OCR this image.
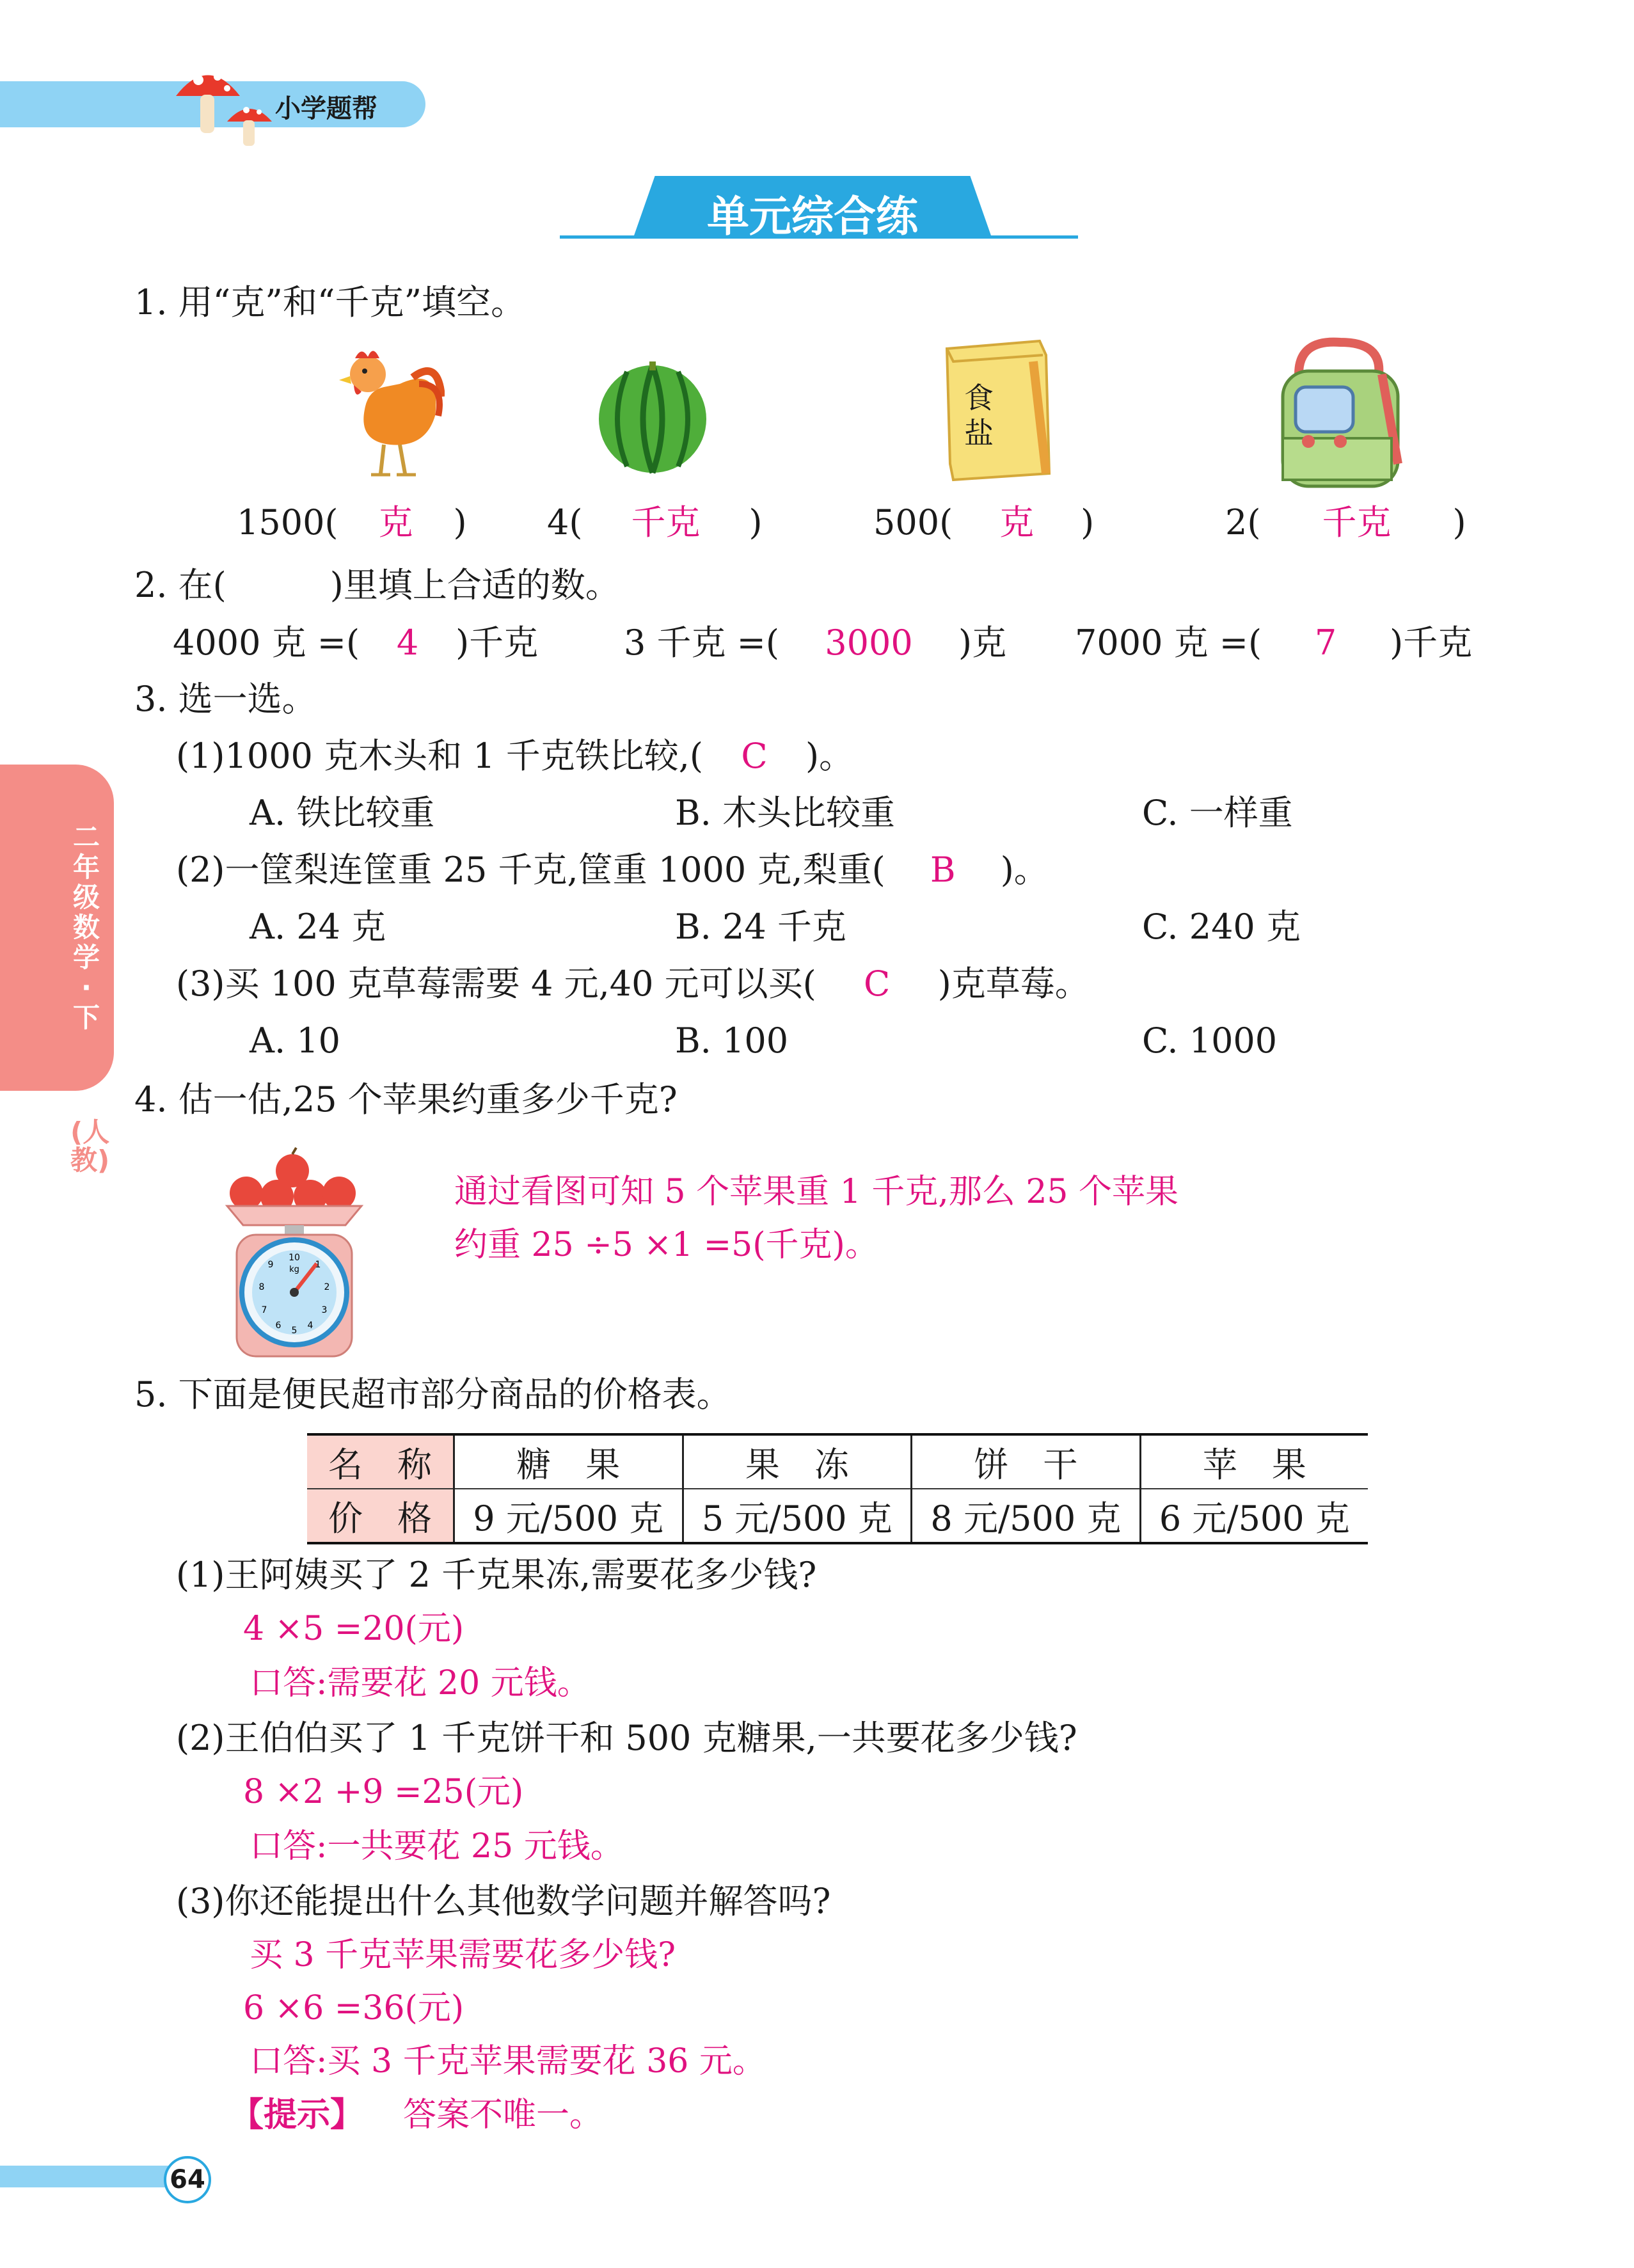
小学题帮
单元综合练
二年级数学·下
(人教)
1. 用“克”和“千克”填空。
食盐
1500( 克 ) 4( 千克 )	500( 克 )	2( 千克 )
2. 在(　　　)里填上合适的数。
4000 克 =( 4 )千克 3 千克 =( 3000 )克 7000 克 =( 7 )千克
3. 选一选。
(1)1000 克木头和 1 千克铁比较,( C )。
A. 铁比较重	B. 木头比较重	C. 一样重
(2)一筐梨连筐重 25 千克,筐重 1000 克,梨重( B )。
A. 24 克	B. 24 千克	C. 240 克
(3)买 100 克草莓需要 4 元,40 元可以买( C )克草莓。
A. 10	B. 100	C. 1000
4. 估一估,25 个苹果约重多少千克?
10
1
2
3
4
5
6
7
8
9 kg
通过看图可知 5 个苹果重 1 千克,那么 25 个苹果
约重 25 ÷5 ×1 =5(千克)。
5. 下面是便民超市部分商品的价格表。
名　称	糖　果	果　冻	饼　干	苹　果
价　格	9 元/500 克	5 元/500 克	8 元/500 克	6 元/500 克
(1)王阿姨买了 2 千克果冻,需要花多少钱?
4 ×5 =20(元)
口答:需要花 20 元钱。
(2)王伯伯买了 1 千克饼干和 500 克糖果,一共要花多少钱?
8 ×2 +9 =25(元)
口答:一共要花 25 元钱。
(3)你还能提出什么其他数学问题并解答吗?
买 3 千克苹果需要花多少钱?
6 ×6 =36(元)
口答:买 3 千克苹果需要花 36 元。
【提示】 答案不唯一。
64
